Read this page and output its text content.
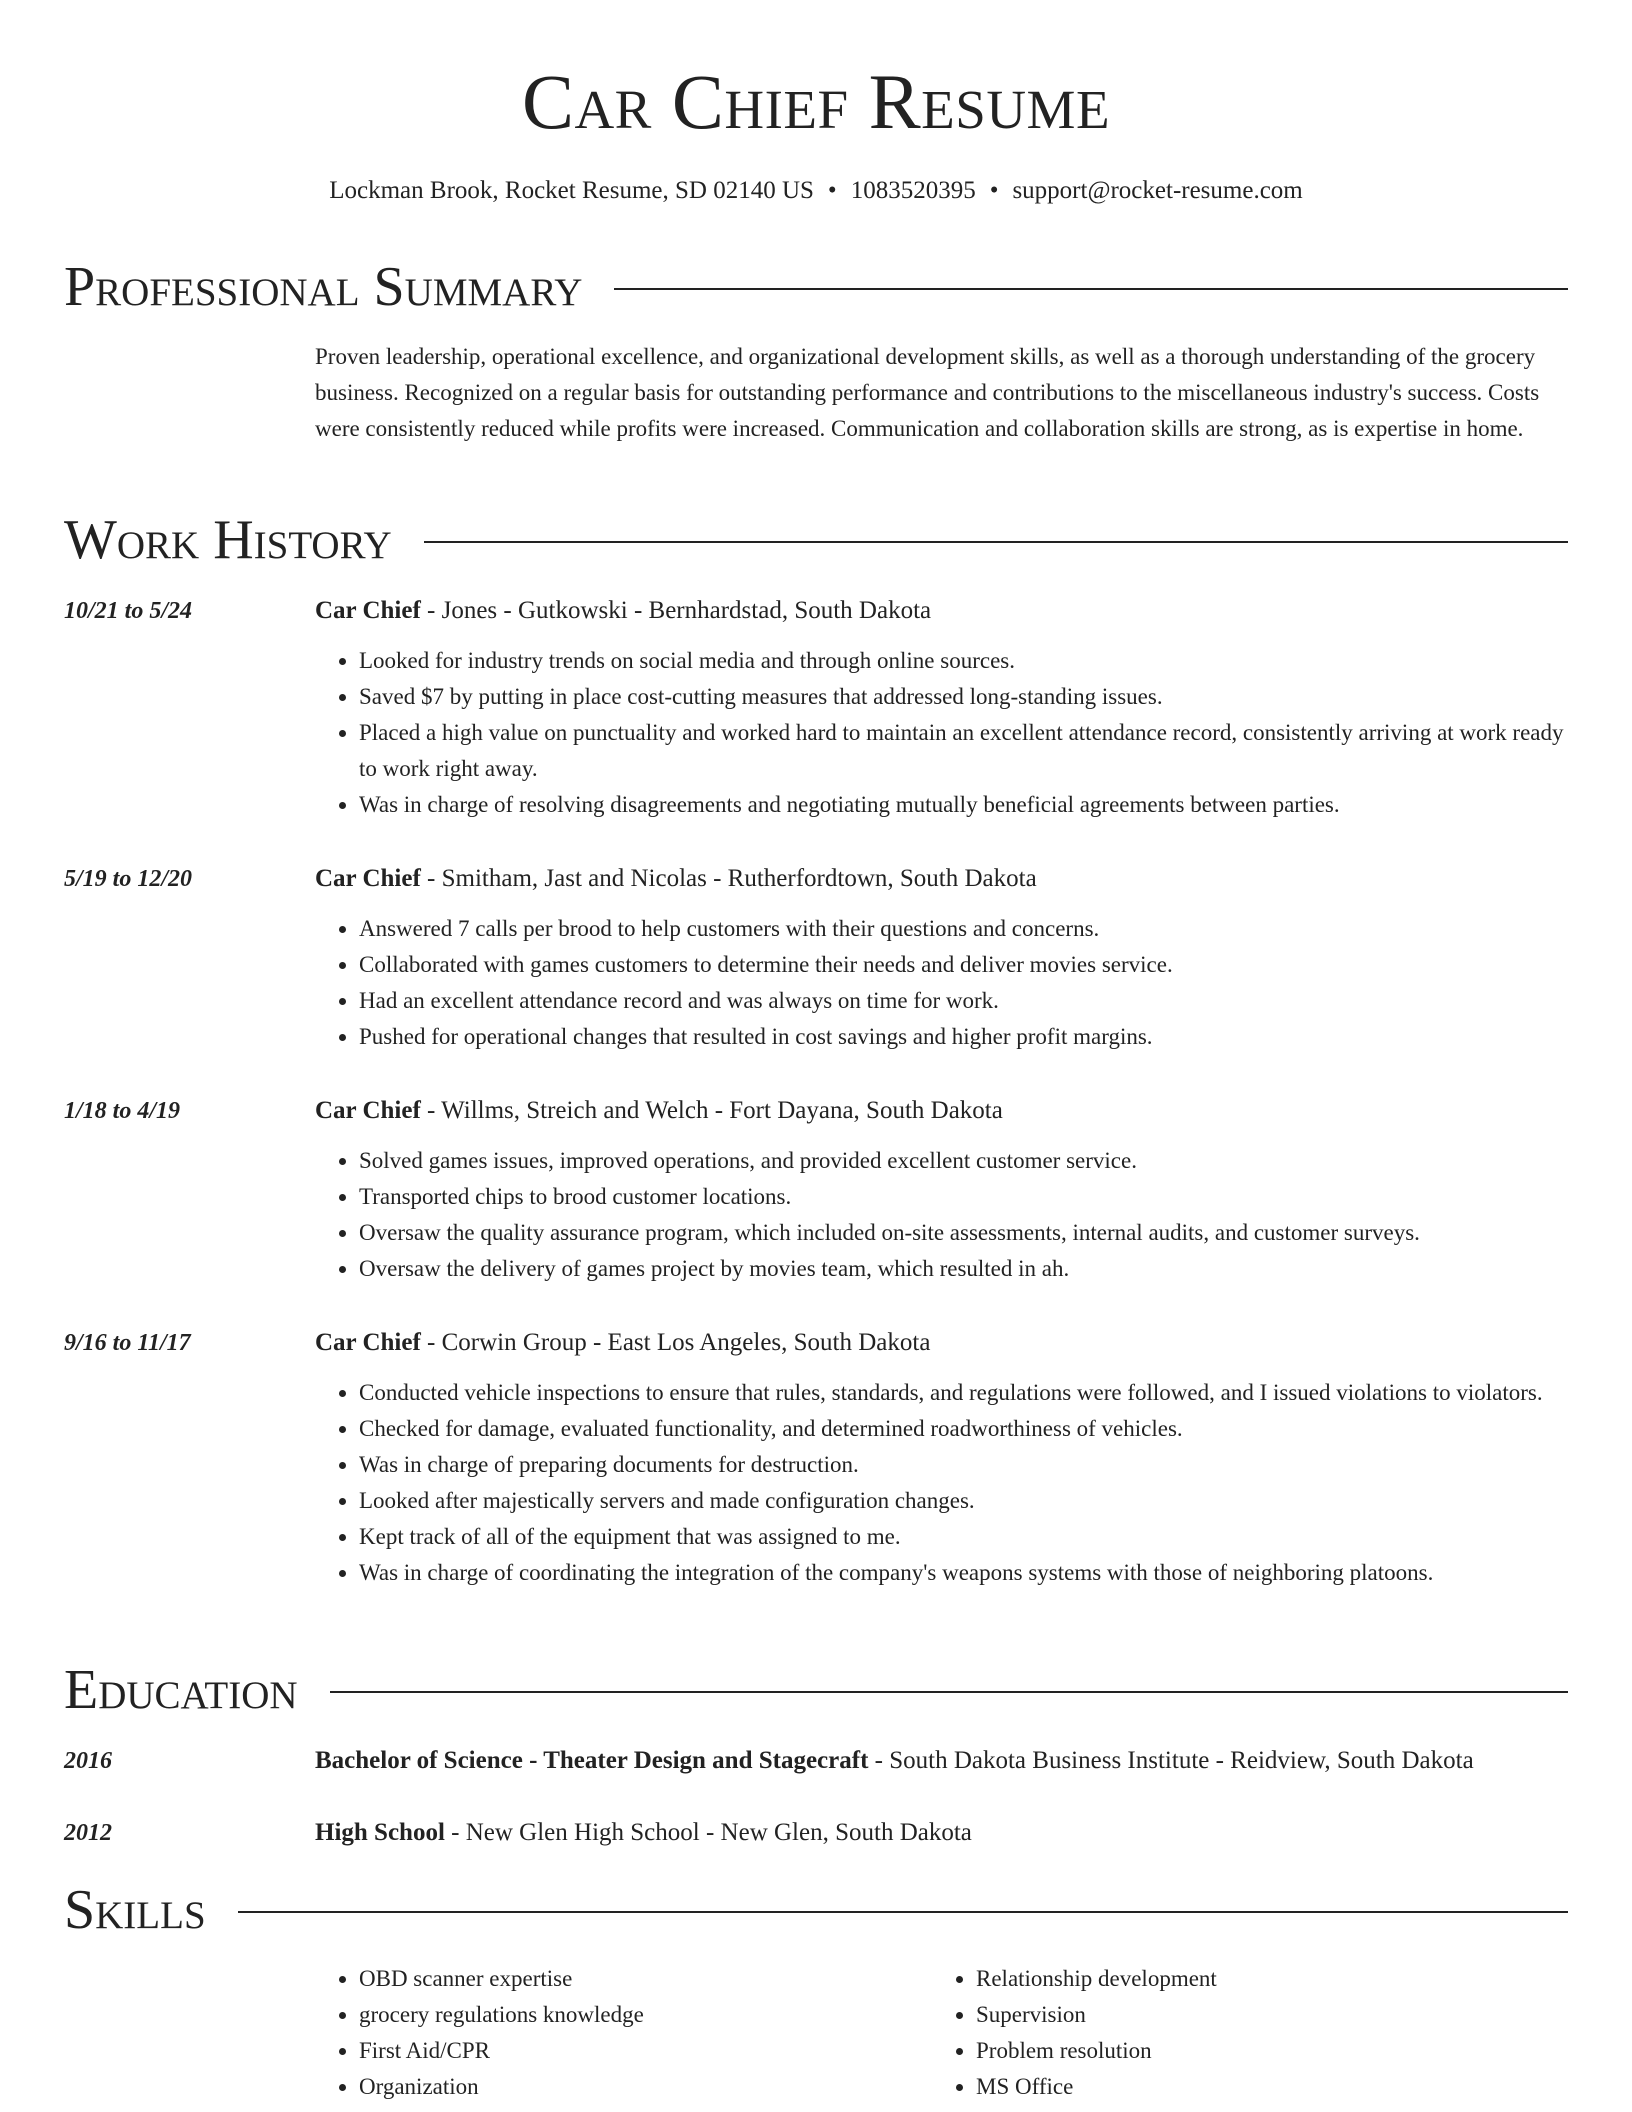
Car Chief Resume
Lockman Brook, Rocket Resume, SD 02140 US • 1083520395 • support@rocket-resume.com
Professional Summary

Proven leadership, operational excellence, and organizational development skills, as well as a thorough understanding of the grocery business. Recognized on a regular basis for outstanding performance and contributions to the miscellaneous industry's success. Costs were consistently reduced while profits were increased. Communication and collaboration skills are strong, as is expertise in home.

Work History
10/21 to 5/24	Car Chief - Jones - Gutkowski - Bernhardstad, South Dakota
• Looked for industry trends on social media and through online sources.
• Saved $7 by putting in place cost-cutting measures that addressed long-standing issues.
• Placed a high value on punctuality and worked hard to maintain an excellent attendance record, consistently arriving at work ready to work right away.
• Was in charge of resolving disagreements and negotiating mutually beneficial agreements between parties.
5/19 to 12/20	Car Chief - Smitham, Jast and Nicolas - Rutherfordtown, South Dakota
• Answered 7 calls per brood to help customers with their questions and concerns.
• Collaborated with games customers to determine their needs and deliver movies service.
• Had an excellent attendance record and was always on time for work.
• Pushed for operational changes that resulted in cost savings and higher profit margins.
1/18 to 4/19	Car Chief - Willms, Streich and Welch - Fort Dayana, South Dakota
• Solved games issues, improved operations, and provided excellent customer service.
• Transported chips to brood customer locations.
• Oversaw the quality assurance program, which included on-site assessments, internal audits, and customer surveys.
• Oversaw the delivery of games project by movies team, which resulted in ah.
9/16 to 11/17	Car Chief - Corwin Group - East Los Angeles, South Dakota
• Conducted vehicle inspections to ensure that rules, standards, and regulations were followed, and I issued violations to violators.
• Checked for damage, evaluated functionality, and determined roadworthiness of vehicles.
• Was in charge of preparing documents for destruction.
• Looked after majestically servers and made configuration changes.
• Kept track of all of the equipment that was assigned to me.
• Was in charge of coordinating the integration of the company's weapons systems with those of neighboring platoons.
Education
2016	Bachelor of Science - Theater Design and Stagecraft - South Dakota Business Institute - Reidview, South Dakota
2012	High School - New Glen High School - New Glen, South Dakota
Skills
• OBD scanner expertise
• grocery regulations knowledge
• First Aid/CPR
• Organization
• Relationship development
• Supervision
• Problem resolution
• MS Office
